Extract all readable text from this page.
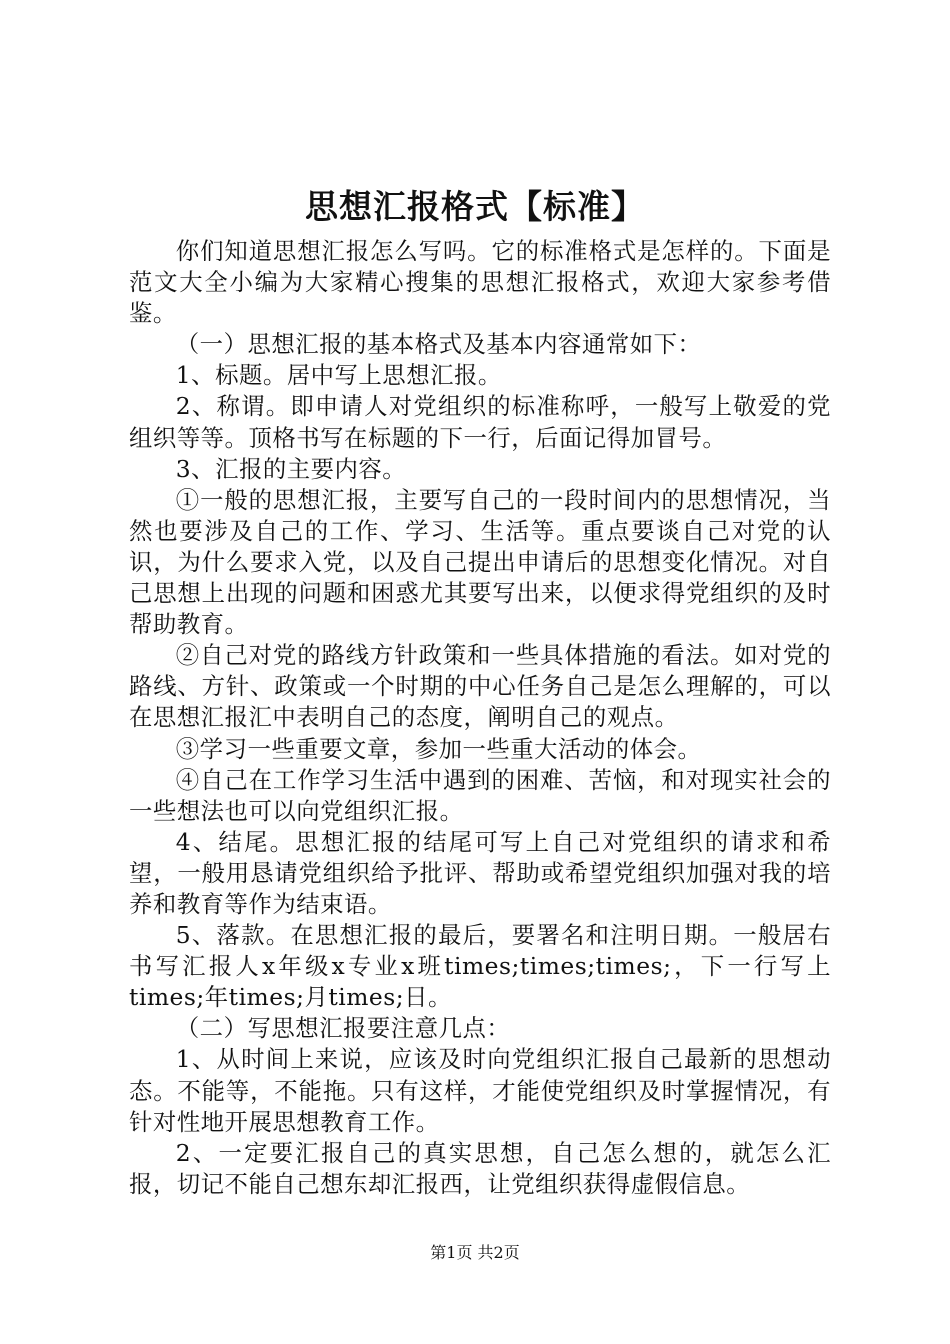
思想汇报格式【标准】

你们知道思想汇报怎么写吗。它的标准格式是怎样的。下面是范文大全小编为大家精心搜集的思想汇报格式，欢迎大家参考借鉴。

（一）思想汇报的基本格式及基本内容通常如下：

1、标题。居中写上思想汇报。

2、称谓。即申请人对党组织的标准称呼，一般写上敬爱的党组织等等。顶格书写在标题的下一行，后面记得加冒号。

3、汇报的主要内容。

①一般的思想汇报，主要写自己的一段时间内的思想情况，当然也要涉及自己的工作、学习、生活等。重点要谈自己对党的认识，为什么要求入党，以及自己提出申请后的思想变化情况。对自己思想上出现的问题和困惑尤其要写出来，以便求得党组织的及时帮助教育。

②自己对党的路线方针政策和一些具体措施的看法。如对党的路线、方针、政策或一个时期的中心任务自己是怎么理解的，可以在思想汇报汇中表明自己的态度，阐明自己的观点。

③学习一些重要文章，参加一些重大活动的体会。

④自己在工作学习生活中遇到的困难、苦恼，和对现实社会的一些想法也可以向党组织汇报。

4、结尾。思想汇报的结尾可写上自己对党组织的请求和希望，一般用恳请党组织给予批评、帮助或希望党组织加强对我的培养和教育等作为结束语。

5、落款。在思想汇报的最后，要署名和注明日期。一般居右书写汇报人x年级x专业x班times;times;times;，下一行写上times;年times;月times;日。

（二）写思想汇报要注意几点：

1、从时间上来说，应该及时向党组织汇报自己最新的思想动态。不能等，不能拖。只有这样，才能使党组织及时掌握情况，有针对性地开展思想教育工作。

2、一定要汇报自己的真实思想，自己怎么想的，就怎么汇报，切记不能自己想东却汇报西，让党组织获得虚假信息。

第1页 共2页
